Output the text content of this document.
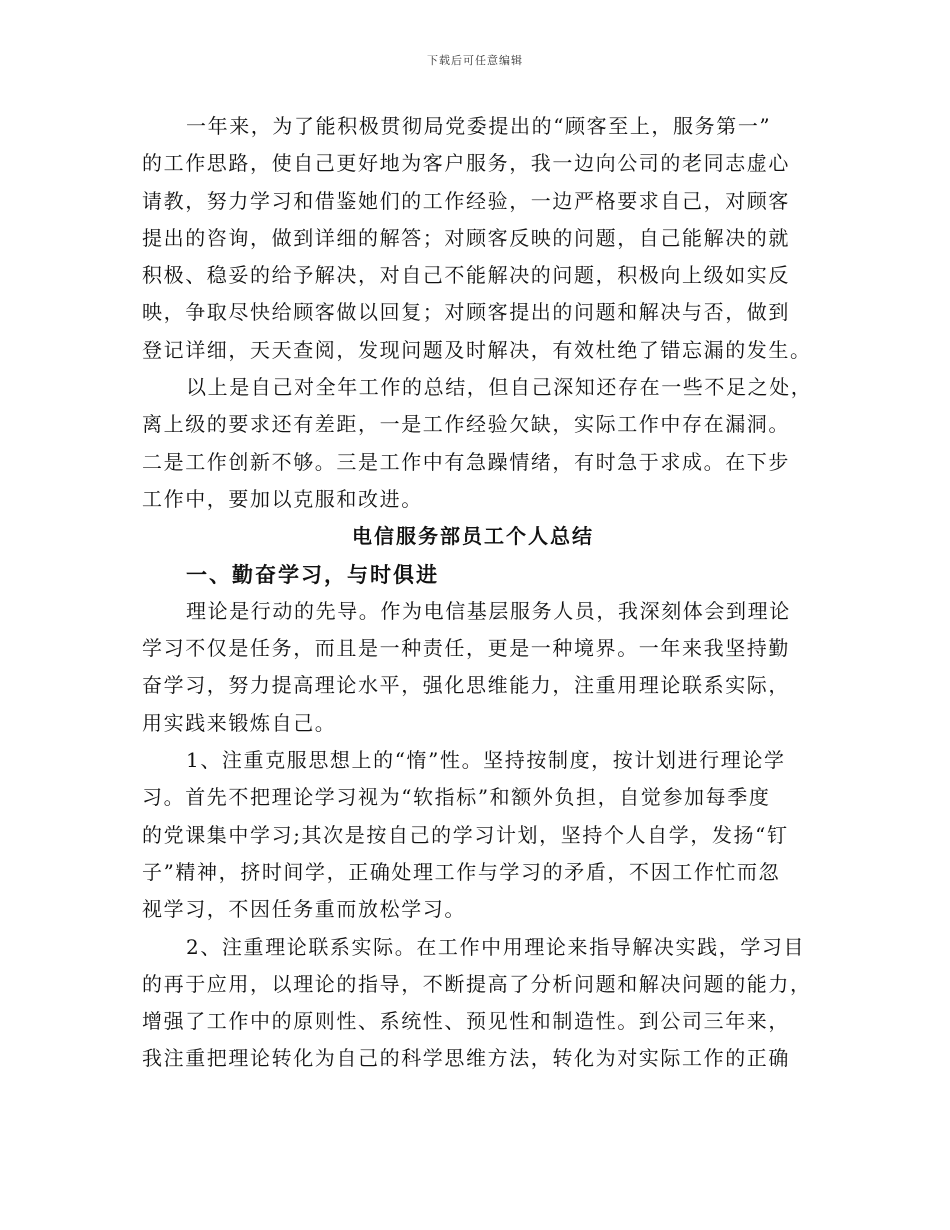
下载后可任意编辑
一年来，为了能积极贯彻局党委提出的“顾客至上，服务第一”
的工作思路，使自己更好地为客户服务，我一边向公司的老同志虚心
请教，努力学习和借鉴她们的工作经验，一边严格要求自己，对顾客
提出的咨询，做到详细的解答；对顾客反映的问题，自己能解决的就
积极、稳妥的给予解决，对自己不能解决的问题，积极向上级如实反
映，争取尽快给顾客做以回复；对顾客提出的问题和解决与否，做到
登记详细，天天查阅，发现问题及时解决，有效杜绝了错忘漏的发生。
以上是自己对全年工作的总结，但自己深知还存在一些不足之处，
离上级的要求还有差距，一是工作经验欠缺，实际工作中存在漏洞。
二是工作创新不够。三是工作中有急躁情绪，有时急于求成。在下步
工作中，要加以克服和改进。
电信服务部员工个人总结
一、勤奋学习，与时俱进
理论是行动的先导。作为电信基层服务人员，我深刻体会到理论
学习不仅是任务，而且是一种责任，更是一种境界。一年来我坚持勤
奋学习，努力提高理论水平，强化思维能力，注重用理论联系实际，
用实践来锻炼自己。
1、注重克服思想上的“惰”性。坚持按制度，按计划进行理论学
习。首先不把理论学习视为“软指标”和额外负担，自觉参加每季度
的党课集中学习;其次是按自己的学习计划，坚持个人自学，发扬“钉
子”精神，挤时间学，正确处理工作与学习的矛盾，不因工作忙而忽
视学习，不因任务重而放松学习。
2、注重理论联系实际。在工作中用理论来指导解决实践，学习目
的再于应用，以理论的指导，不断提高了分析问题和解决问题的能力，
增强了工作中的原则性、系统性、预见性和制造性。到公司三年来，
我注重把理论转化为自己的科学思维方法，转化为对实际工作的正确
